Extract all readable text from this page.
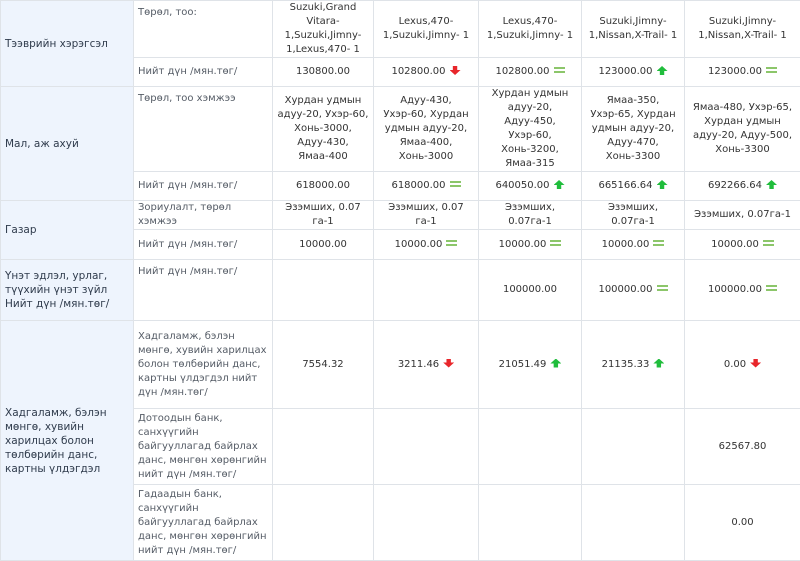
Тээврийн хэрэгсэл	Төрөл, тоо:	Suzuki,Grand Vitara-1,Suzuki,Jimny-1,Lexus,470- 1	Lexus,470-1,Suzuki,Jimny- 1	Lexus,470-1,Suzuki,Jimny- 1	Suzuki,Jimny-1,Nissan,X-Trail- 1	Suzuki,Jimny-1,Nissan,X-Trail- 1
	Нийт дүн /мян.төг/	130800.00	102800.00	102800.00	123000.00	123000.00
Мал, аж ахуй	Төрөл, тоо хэмжээ	Хурдан удмын адуу-20, Ухэр-60, Хонь-3000, Адуу-430, Ямаа-400	Адуу-430, Ухэр-60, Хурдан удмын адуу-20, Ямаа-400, Хонь-3000	Хурдан удмын адуу-20, Адуу-450, Ухэр-60, Хонь-3200, Ямаа-315	Ямаа-350, Ухэр-65, Хурдан удмын адуу-20, Адуу-470, Хонь-3300	Ямаа-480, Ухэр-65, Хурдан удмын адуу-20, Адуу-500, Хонь-3300
	Нийт дүн /мян.төг/	618000.00	618000.00	640050.00	665166.64	692266.64
Газар	Зориулалт, төрөл хэмжээ	Эзэмших, 0.07 га-1	Эзэмших, 0.07 га-1	Эзэмших, 0.07га-1	Эзэмших, 0.07га-1	Эзэмших, 0.07га-1
	Нийт дүн /мян.төг/	10000.00	10000.00	10000.00	10000.00	10000.00
Үнэт эдлэл, урлаг, түүхийн үнэт зүйл Нийт дүн /мян.төг/	Нийт дүн /мян.төг/			100000.00	100000.00	100000.00
Хадгаламж, бэлэн мөнгө, хувийн харилцах болон төлбөрийн данс, картны үлдэгдэл	Хадгаламж, бэлэн мөнгө, хувийн харилцах болон төлбөрийн данс, картны үлдэгдэл нийт дүн /мян.төг/	7554.32	3211.46	21051.49	21135.33	0.00
	Дотоодын банк, санхүүгийн байгууллагад байрлах данс, мөнгөн хөрөнгийн нийт дүн /мян.төг/					62567.80
	Гадаадын банк, санхүүгийн байгууллагад байрлах данс, мөнгөн хөрөнгийн нийт дүн /мян.төг/					0.00
